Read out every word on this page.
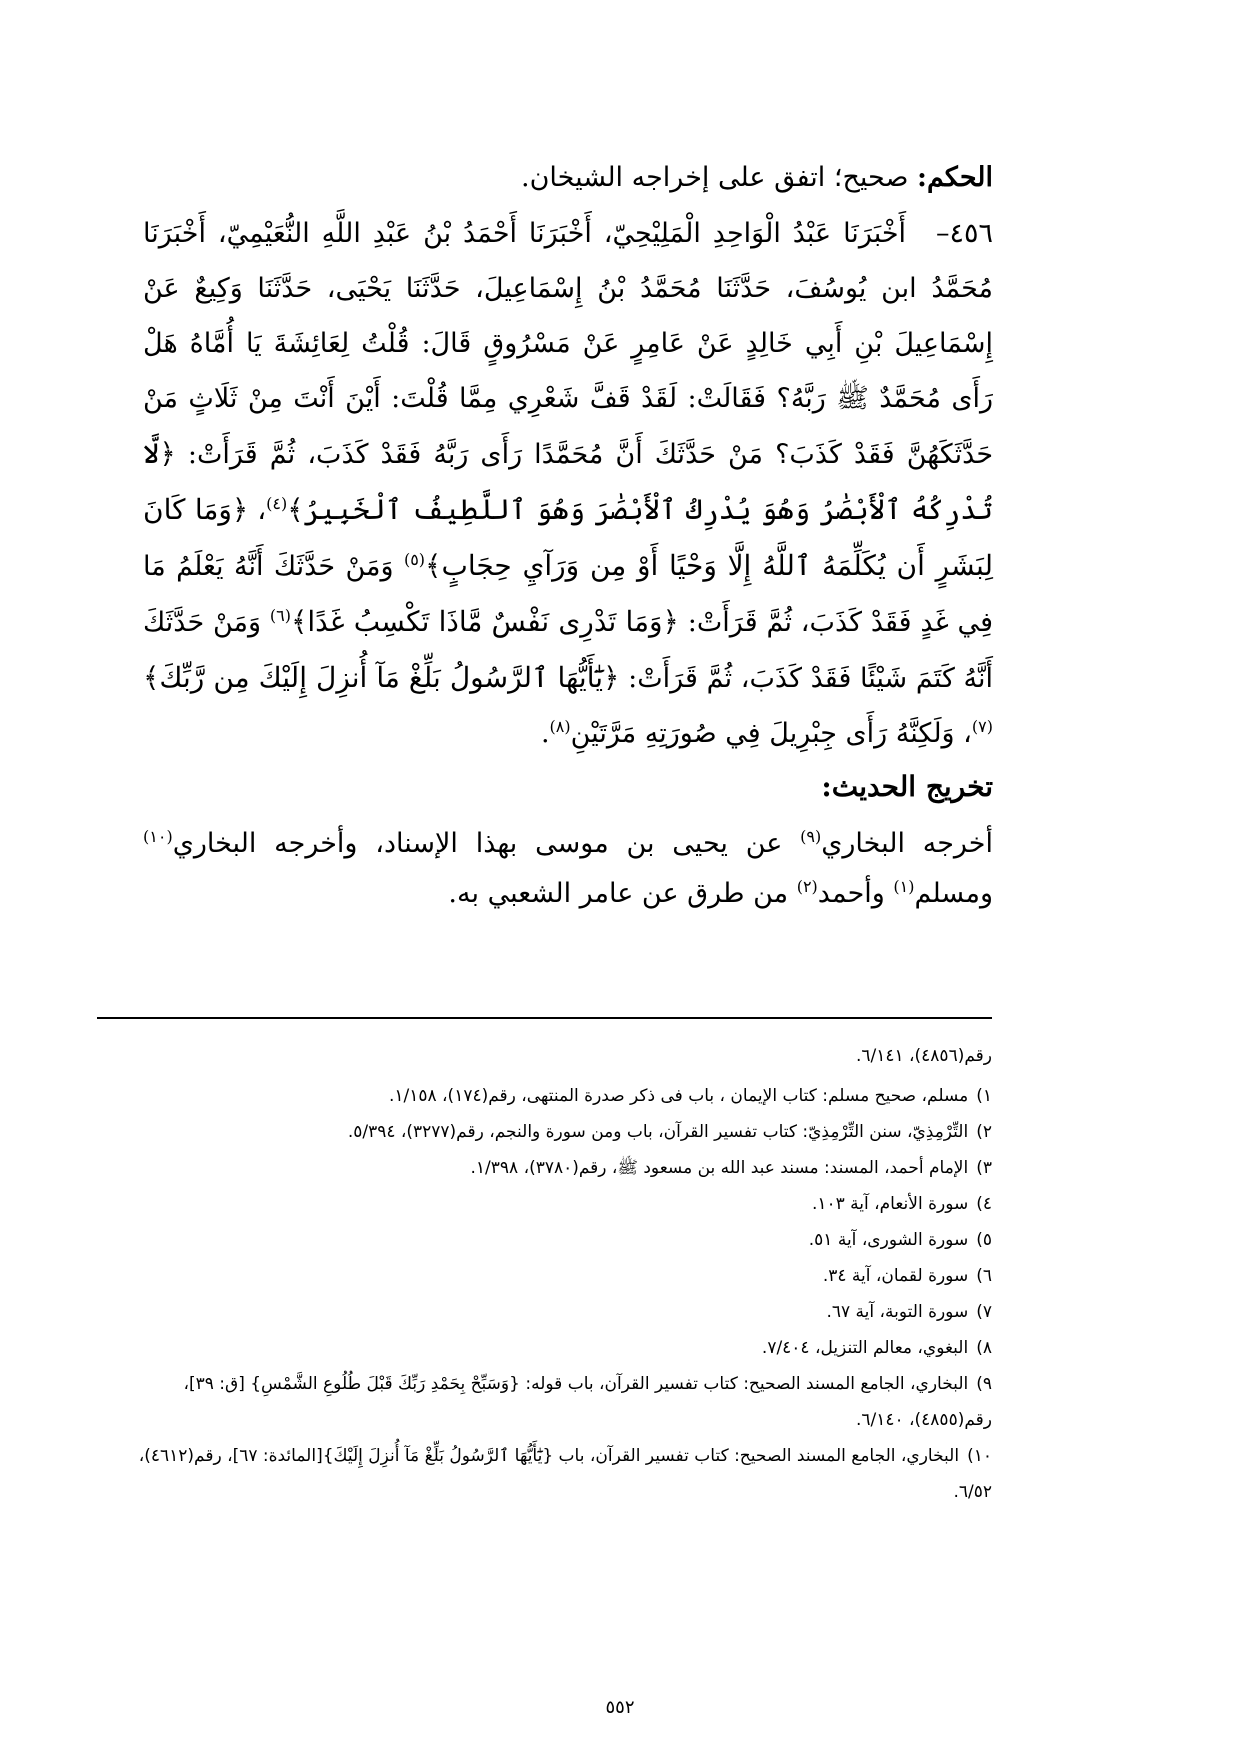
الحكم: صحيح؛ اتفق على إخراجه الشيخان.

٤٥٦– أَخْبَرَنَا عَبْدُ الْوَاحِدِ الْمَلِيْحِيّ، أَخْبَرَنَا أَحْمَدُ بْنُ عَبْدِ اللَّهِ النُّعَيْمِيّ، أَخْبَرَنَا مُحَمَّدُ ابن يُوسُفَ، حَدَّثَنَا مُحَمَّدُ بْنُ إِسْمَاعِيلَ، حَدَّثَنَا يَحْيَى، حَدَّثَنَا وَكِيعٌ عَنْ إِسْمَاعِيلَ بْنِ أَبِي خَالِدٍ عَنْ عَامِرٍ عَنْ مَسْرُوقٍ قَالَ: قُلْتُ لِعَائِشَةَ يَا أُمَّاهُ هَلْ رَأَى مُحَمَّدٌ ﷺ رَبَّهُ؟ فَقَالَتْ: لَقَدْ قَفَّ شَعْرِي مِمَّا قُلْتَ: أَيْنَ أَنْتَ مِنْ ثَلَاثٍ مَنْ حَدَّثَكَهُنَّ فَقَدْ كَذَبَ؟ مَنْ حَدَّثَكَ أَنَّ مُحَمَّدًا رَأَى رَبَّهُ فَقَدْ كَذَبَ، ثُمَّ قَرَأَتْ: ﴿لَّا تُدْرِكُهُ ٱلْأَبْصَٰرُ وَهُوَ يُدْرِكُ ٱلْأَبْصَٰرَ وَهُوَ ٱللَّطِيفُ ٱلْخَبِيرُ﴾$^{(٤)}$، ﴿وَمَا كَانَ لِبَشَرٍ أَن يُكَلِّمَهُ ٱللَّهُ إِلَّا وَحْيًا أَوْ مِن وَرَآيِ حِجَابٍ﴾$^{(٥)}$ وَمَنْ حَدَّثَكَ أَنَّهُ يَعْلَمُ مَا فِي غَدٍ فَقَدْ كَذَبَ، ثُمَّ قَرَأَتْ: ﴿وَمَا تَدْرِى نَفْسٌ مَّاذَا تَكْسِبُ غَدًا﴾$^{(٦)}$ وَمَنْ حَدَّثَكَ أَنَّهُ كَتَمَ شَيْئًا فَقَدْ كَذَبَ، ثُمَّ قَرَأَتْ: ﴿يَٰٓأَيُّهَا ٱلرَّسُولُ بَلِّغْ مَآ أُنزِلَ إِلَيْكَ مِن رَّبِّكَ﴾$^{(٧)}$، وَلَكِنَّهُ رَأَى جِبْرِيلَ فِي صُورَتِهِ مَرَّتَيْنِ$^{(٨)}$.

تخريج الحديث:

أخرجه البخاري$^{(٩)}$ عن يحيى بن موسى بهذا الإسناد، وأخرجه البخاري$^{(١٠)}$ ومسلم$^{(١)}$ وأحمد$^{(٢)}$ من طرق عن عامر الشعبي به.

رقم(٤٨٥٦)، ٦/١٤١.

١)مسلم، صحيح مسلم: كتاب الإيمان ، باب فى ذكر صدرة المنتهى، رقم(١٧٤)، ١/١٥٨.

٢)التِّرْمِذِيّ، سنن التِّرْمِذِيّ: كتاب تفسير القرآن، باب ومن سورة والنجم، رقم(٣٢٧٧)، ٥/٣٩٤.

٣)الإمام أحمد، المسند: مسند عبد الله بن مسعود ﷺ، رقم(٣٧٨٠)، ١/٣٩٨.

٤)سورة الأنعام، آية ١٠٣.

٥)سورة الشورى، آية ٥١.

٦)سورة لقمان، آية ٣٤.

٧)سورة التوبة، آية ٦٧.

٨)البغوي، معالم التنزيل، ٧/٤٠٤.

٩)البخاري، الجامع المسند الصحيح: كتاب تفسير القرآن، باب قوله: {وَسَبِّحْ بِحَمْدِ رَبِّكَ قَبْلَ طُلُوعِ الشَّمْسِ} [ق: ٣٩]، رقم(٤٨٥٥)، ٦/١٤٠.

١٠)البخاري، الجامع المسند الصحيح: كتاب تفسير القرآن، باب {يَٰٓأَيُّهَا ٱلرَّسُولُ بَلِّغْ مَآ أُنزِلَ إِلَيْكَ}[المائدة: ٦٧]، رقم(٤٦١٢)، ٦/٥٢.

٥٥٢
